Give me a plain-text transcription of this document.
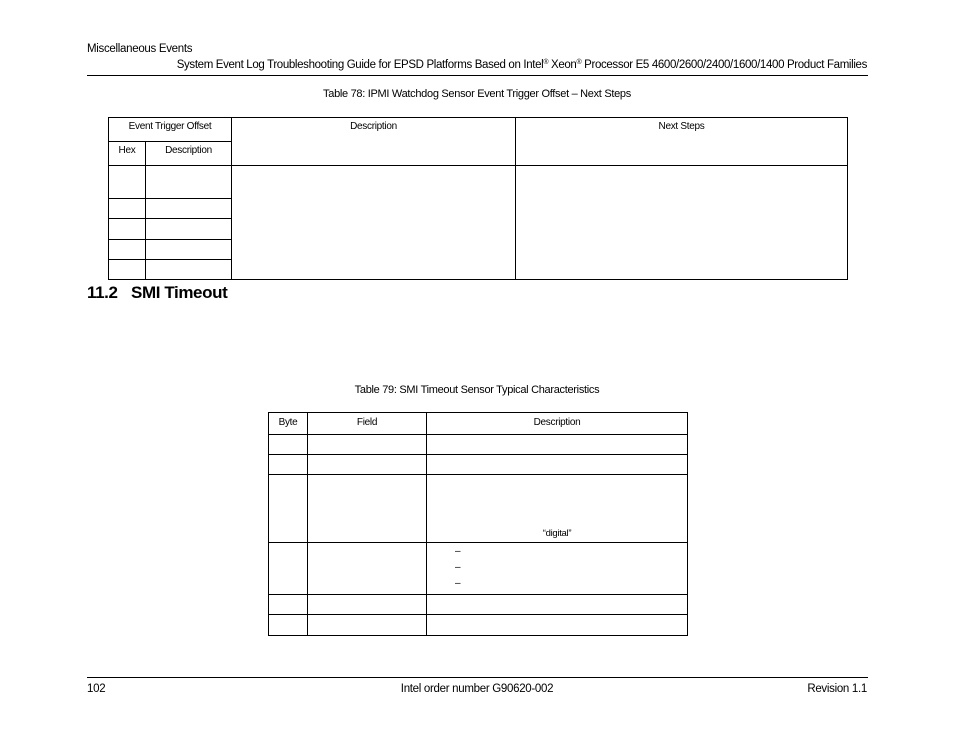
Miscellaneous Events
System Event Log Troubleshooting Guide for EPSD Platforms Based on Intel® Xeon® Processor E5 4600/2600/2400/1600/1400 Product Families
Table 78: IPMI Watchdog Sensor Event Trigger Offset – Next Steps
Event Trigger Offset		Description	Next Steps
Hex	Description		

11.2 SMI Timeout
Table 79: SMI Timeout Sensor Typical Characteristics
Byte	Field	Description

		“digital”

		–
–
–

102	Intel order number G90620-002	Revision 1.1
